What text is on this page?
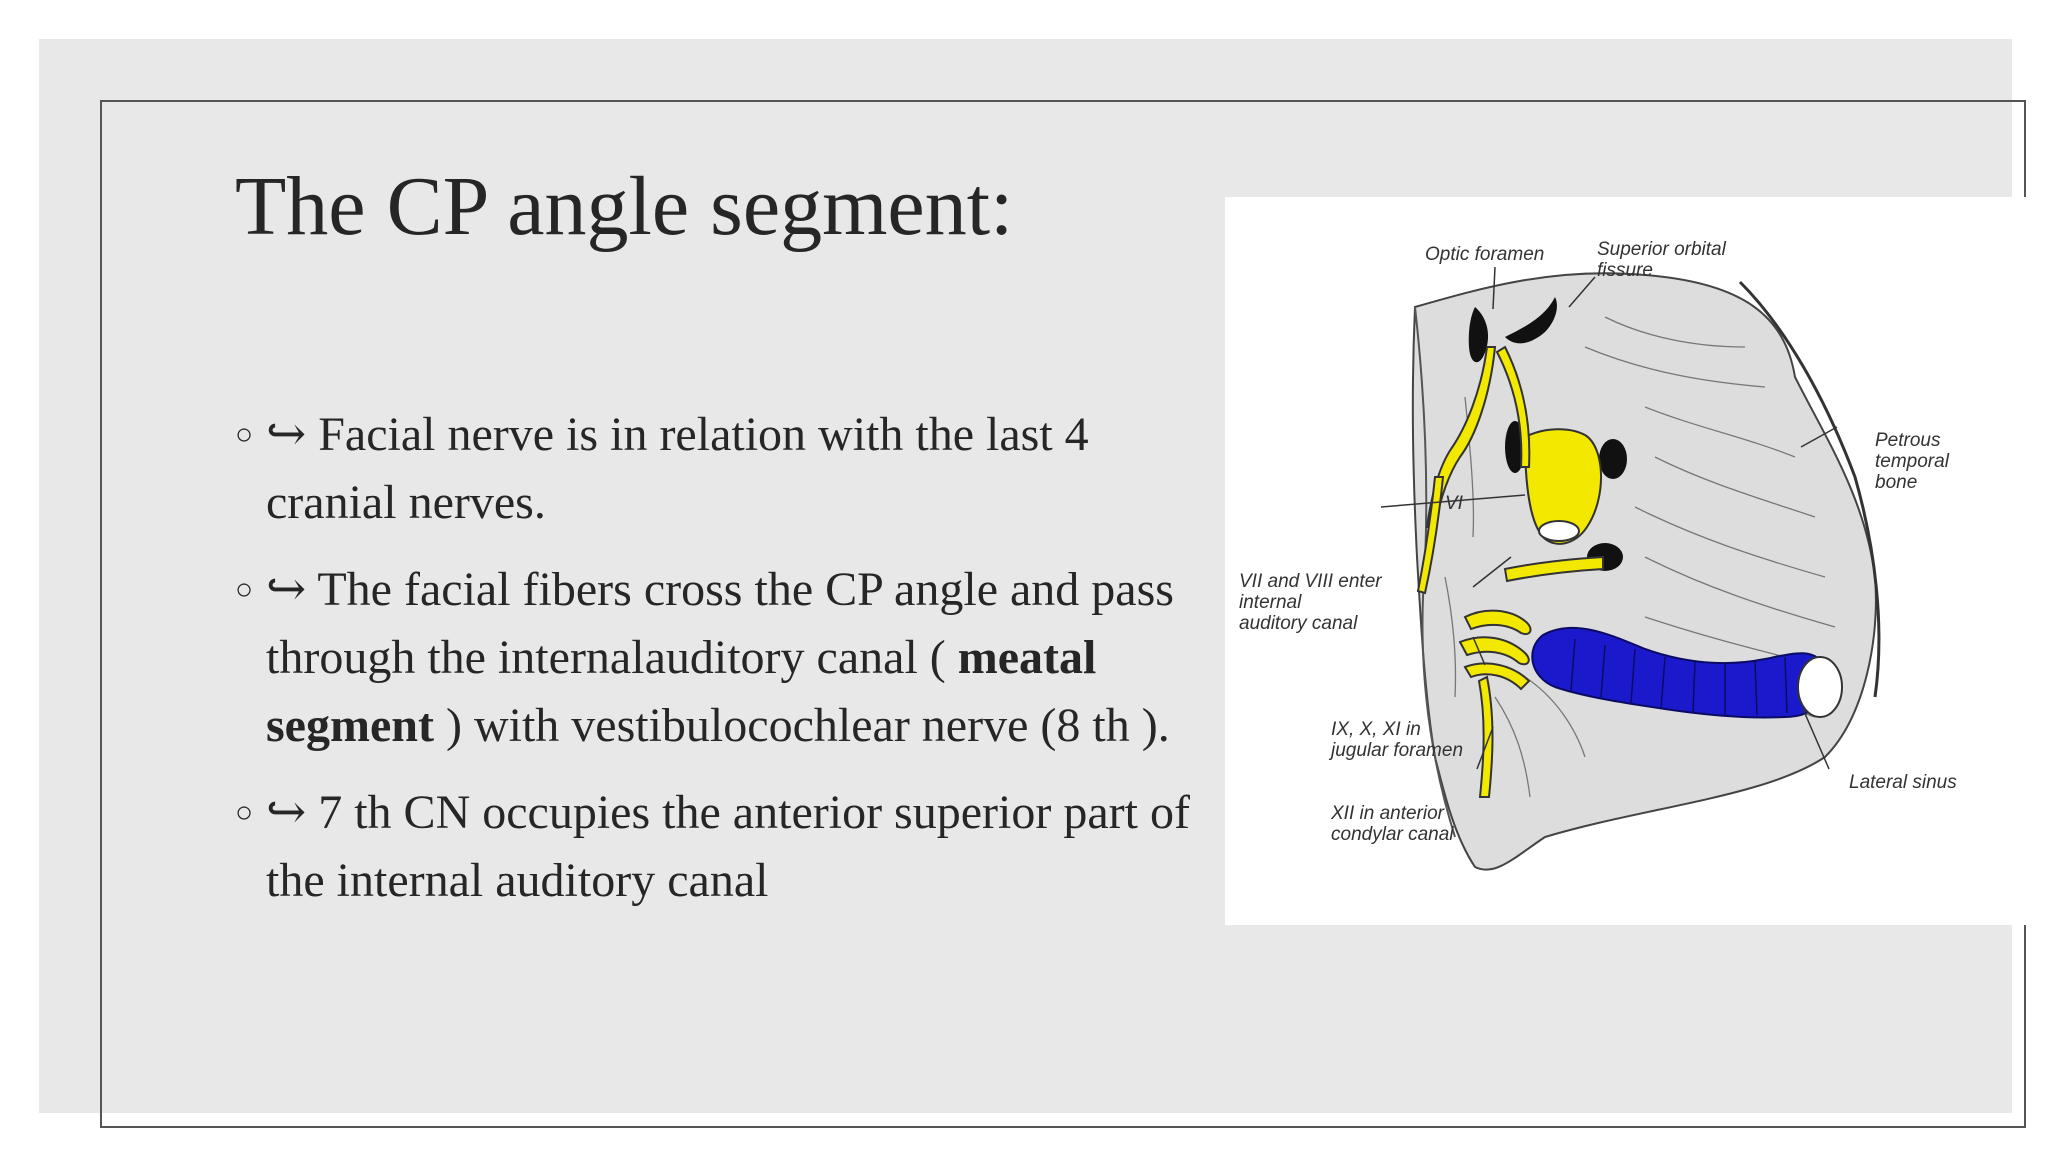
The CP angle segment:
○ ↪ Facial nerve is in relation with the last 4 cranial nerves.
○ ↪ The facial fibers cross the CP angle and pass through the internalauditory canal ( meatal segment ) with vestibulocochlear nerve (8 th ).
○ ↪ 7 th CN occupies the anterior superior part of the internal auditory canal
Optic foramen	Superior orbital
fissure
Petrous
temporal
bone
VII and VIII enter
internal
auditory canal
IX, X, XI in
jugular foramen
XII in anterior
condylar canal
Lateral sinus
VI
